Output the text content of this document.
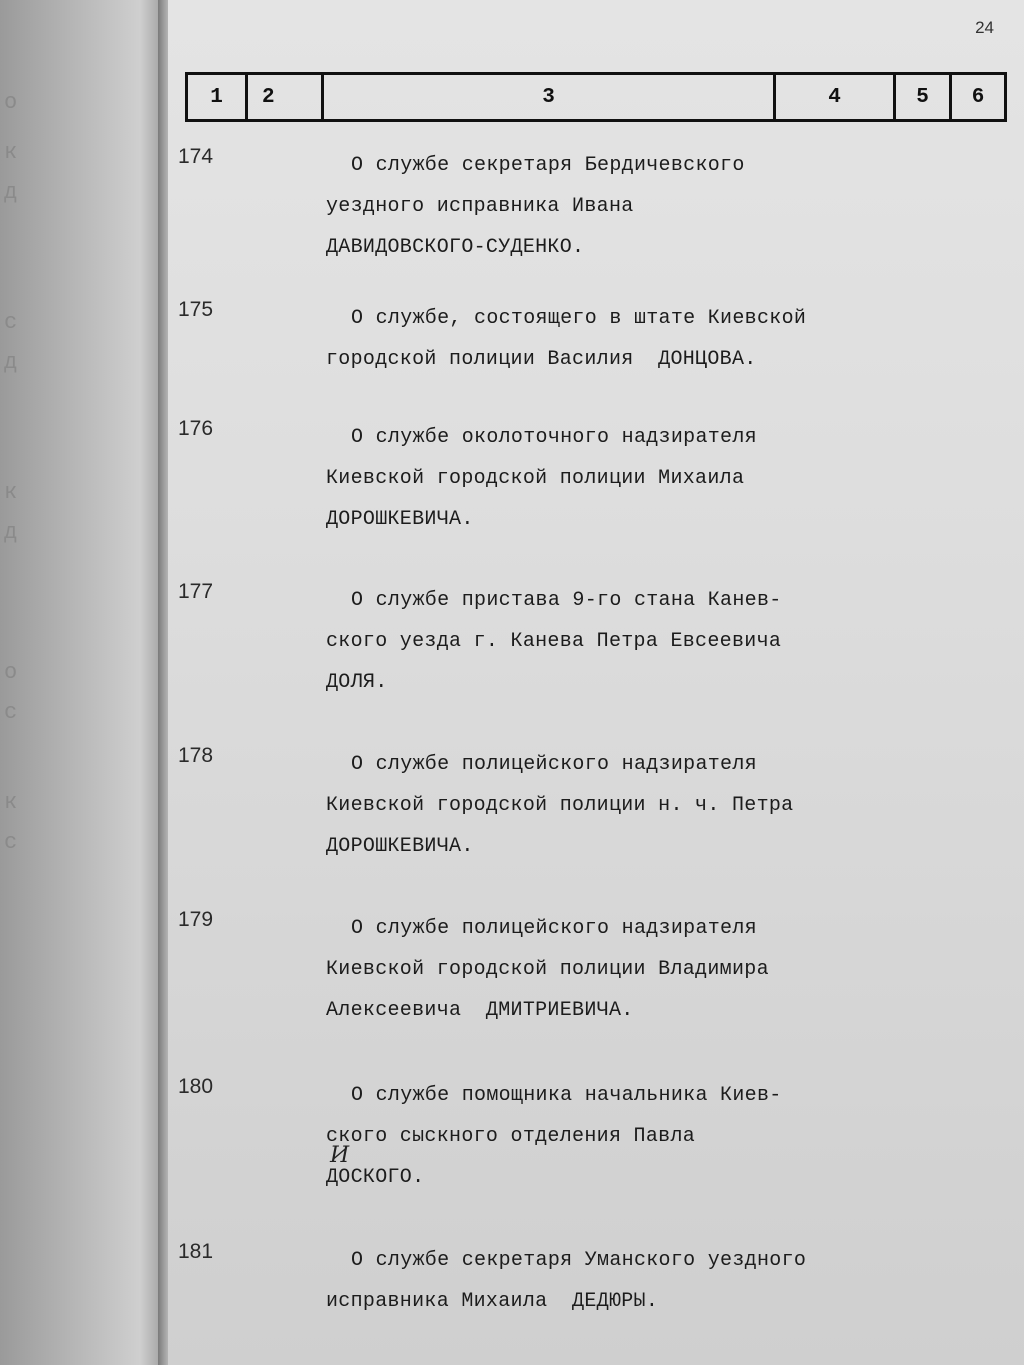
о
к
д
с
д
к
д
о
с
к
с
24
1	2	3	4	5	6
174	О службе секретаря Бердичевского
уездного исправника Ивана
ДАВИДОВСКОГО-СУДЕНКО.
175	О службе, состоящего в штате Киевской
городской полиции Василия  ДОНЦОВА.
176	О службе околоточного надзирателя
Киевской городской полиции Михаила
ДОРОШКЕВИЧА.
177	О службе пристава 9-го стана Канев-
ского уезда г. Канева Петра Евсеевича
ДОЛЯ.
178	О службе полицейского надзирателя
Киевской городской полиции н. ч. Петра
ДОРОШКЕВИЧА.
179	О службе полицейского надзирателя
Киевской городской полиции Владимира
Алексеевича  ДМИТРИЕВИЧА.
180	О службе помощника начальника Киев-
ского сыскного отделения Павла
ДОСКОГО.
И
181	О службе секретаря Уманского уездного
исправника Михаила  ДЕДЮРЫ.
